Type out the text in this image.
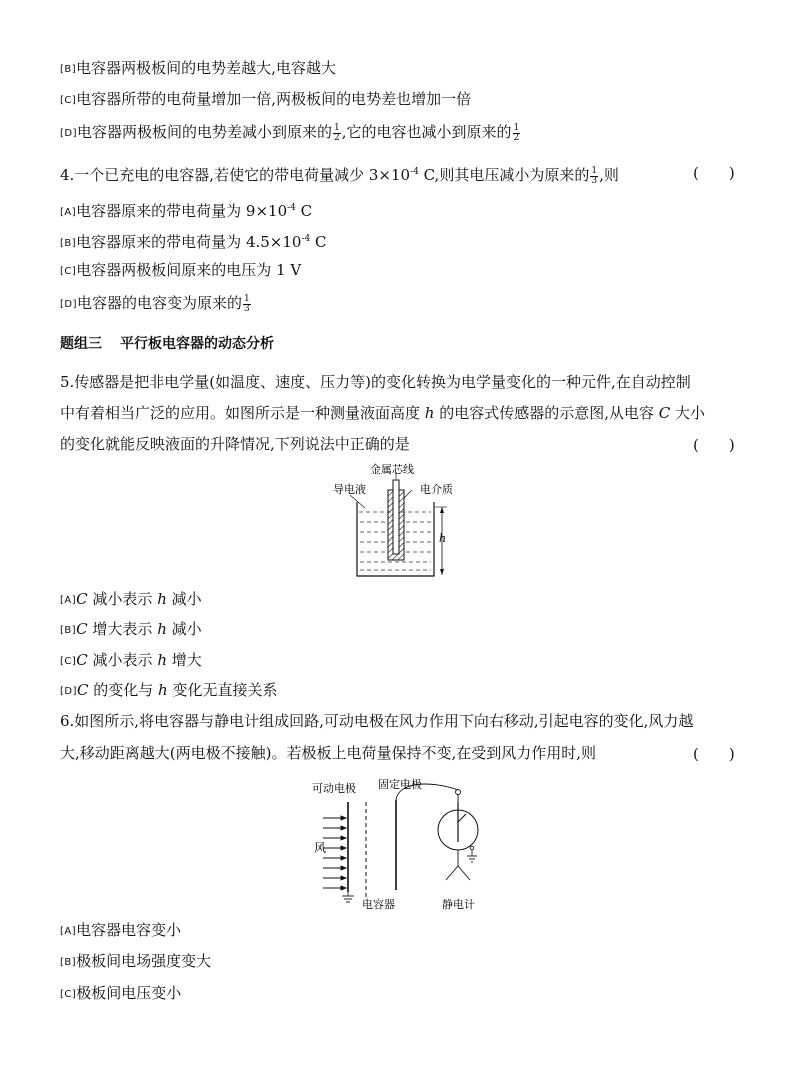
[B]电容器两极板间的电势差越大,电容越大
[C]电容器所带的电荷量增加一倍,两极板间的电势差也增加一倍
[D]电容器两极板间的电势差减小到原来的 $\frac{1}{2}$ ,它的电容也减小到原来的 $\frac{1}{2}$
4.一个已充电的电容器,若使它的带电荷量减少 $3\times 10^{-4}$ C,则其电压减小为原来的 $\frac{1}{3}$ ,则	(　　)
[A]电容器原来的带电荷量为 $9\times 10^{-4}$ C
[B]电容器原来的带电荷量为 $4.5\times 10^{-4}$ C
[C]电容器两极板间原来的电压为 1 V
[D]电容器的电容变为原来的 $\frac{1}{3}$
题组三 平行板电容器的动态分析
5.传感器是把非电学量(如温度、速度、压力等)的变化转换为电学量变化的一种元件,在自动控制
中有着相当广泛的应用。如图所示是一种测量液面高度 h 的电容式传感器的示意图,从电容 C 大小
的变化就能反映液面的升降情况,下列说法中正确的是	(　　)
金属芯线
导电液	电介质
h
[A]C 减小表示 h 减小
[B]C 增大表示 h 减小
[C]C 减小表示 h 增大
[D]C 的变化与 h 变化无直接关系
6.如图所示,将电容器与静电计组成回路,可动电极在风力作用下向右移动,引起电容的变化,风力越
大,移动距离越大(两电极不接触)。若极板上电荷量保持不变,在受到风力作用时,则	(　　)
可动电极 固定电极
风
电容器	静电计
[A]电容器电容变小
[B]极板间电场强度变大
[C]极板间电压变小
